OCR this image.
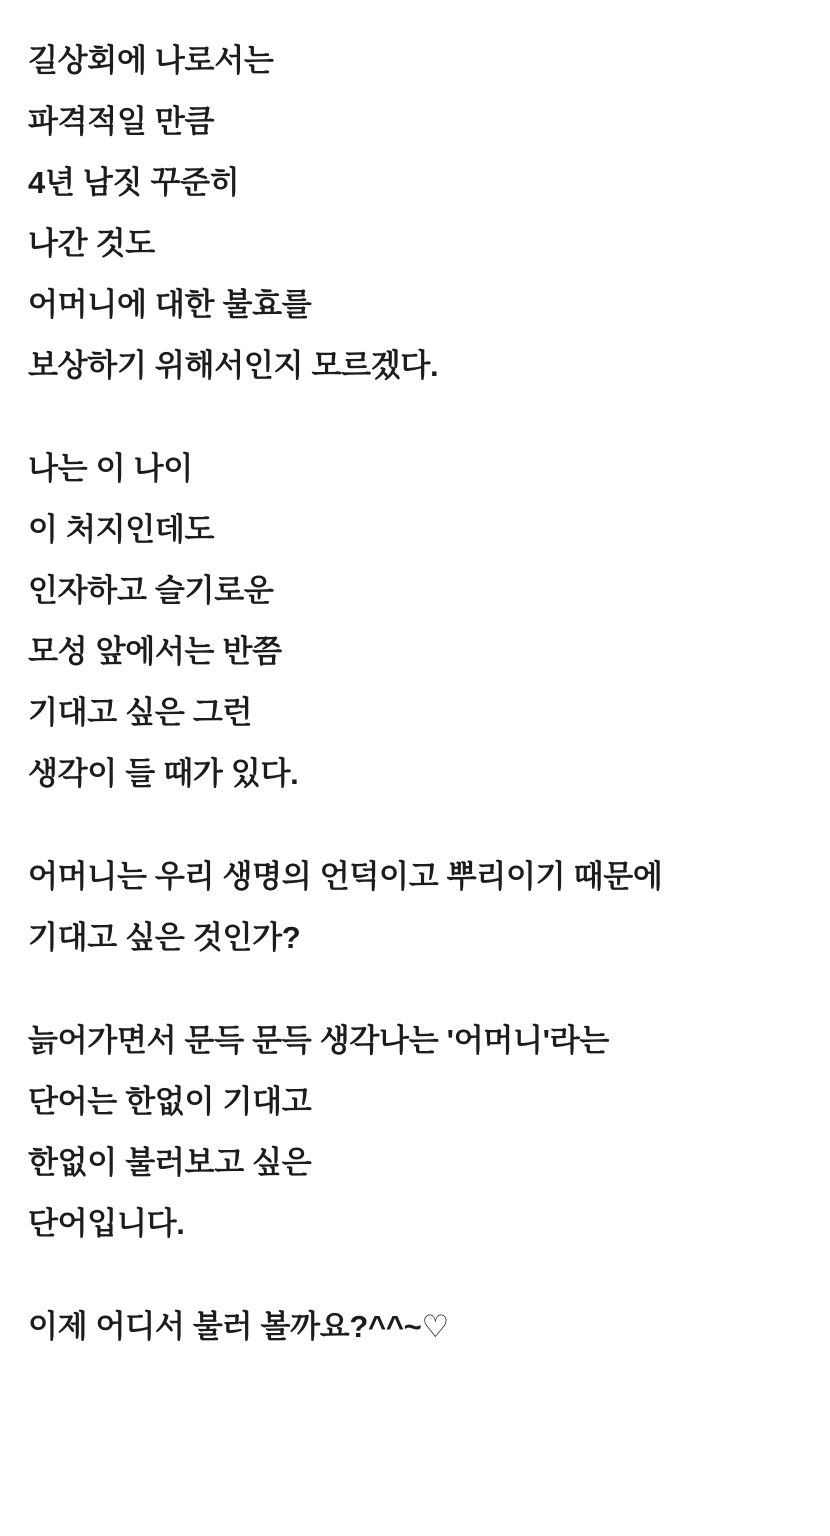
길상회에 나로서는
파격적일 만큼
4년 남짓 꾸준히
나간 것도
어머니에 대한 불효를
보상하기 위해서인지 모르겠다.
나는 이 나이
이 처지인데도
인자하고 슬기로운
모성 앞에서는 반쯤
기대고 싶은 그런
생각이 들 때가 있다.
어머니는 우리 생명의 언덕이고 뿌리이기 때문에
기대고 싶은 것인가?
늙어가면서 문득 문득 생각나는 '어머니'라는
단어는 한없이 기대고
한없이 불러보고 싶은
단어입니다.
이제 어디서 불러 볼까요?^^~♡
